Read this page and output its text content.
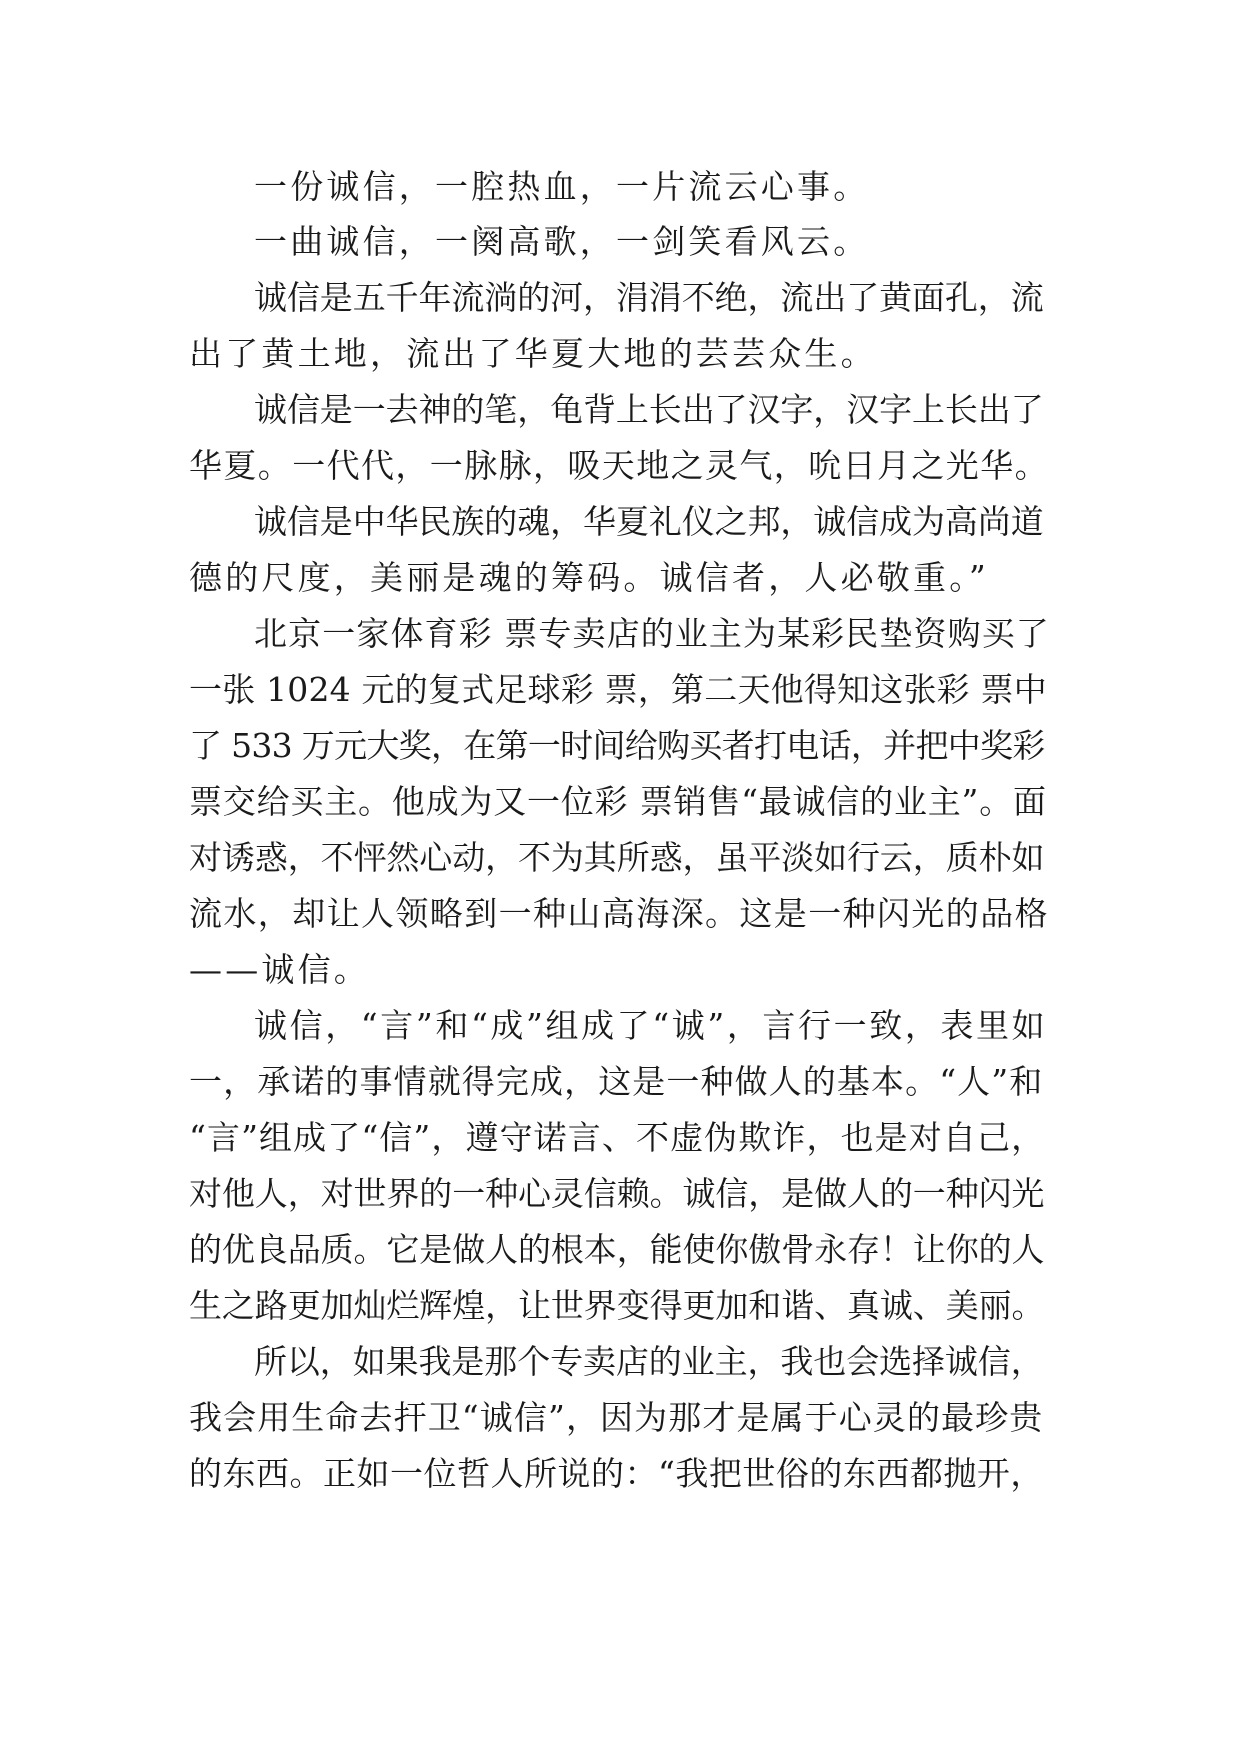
一份诚信，一腔热血，一片流云心事。
一曲诚信，一阕高歌，一剑笑看风云。
诚信是五千年流淌的河，涓涓不绝，流出了黄面孔，流
出了黄土地，流出了华夏大地的芸芸众生。
诚信是一去神的笔，龟背上长出了汉字，汉字上长出了
华夏。一代代，一脉脉，吸天地之灵气，吮日月之光华。
诚信是中华民族的魂，华夏礼仪之邦，诚信成为高尚道
德的尺度，美丽是魂的筹码。诚信者，人必敬重。”
北京一家体育彩 票专卖店的业主为某彩民垫资购买了
一张 1024 元的复式足球彩 票，第二天他得知这张彩 票中
了 533 万元大奖，在第一时间给购买者打电话，并把中奖彩
票交给买主。他成为又一位彩 票销售“最诚信的业主”。面
对诱惑，不怦然心动，不为其所惑，虽平淡如行云，质朴如
流水，却让人领略到一种山高海深。这是一种闪光的品格
——诚信。
诚信，“言”和“成”组成了“诚”，言行一致，表里如
一，承诺的事情就得完成，这是一种做人的基本。“人”和
“言”组成了“信”，遵守诺言、不虚伪欺诈，也是对自己，
对他人，对世界的一种心灵信赖。诚信，是做人的一种闪光
的优良品质。它是做人的根本，能使你傲骨永存！让你的人
生之路更加灿烂辉煌，让世界变得更加和谐、真诚、美丽。
所以，如果我是那个专卖店的业主，我也会选择诚信，
我会用生命去扞卫“诚信”，因为那才是属于心灵的最珍贵
的东西。正如一位哲人所说的：“我把世俗的东西都抛开，
